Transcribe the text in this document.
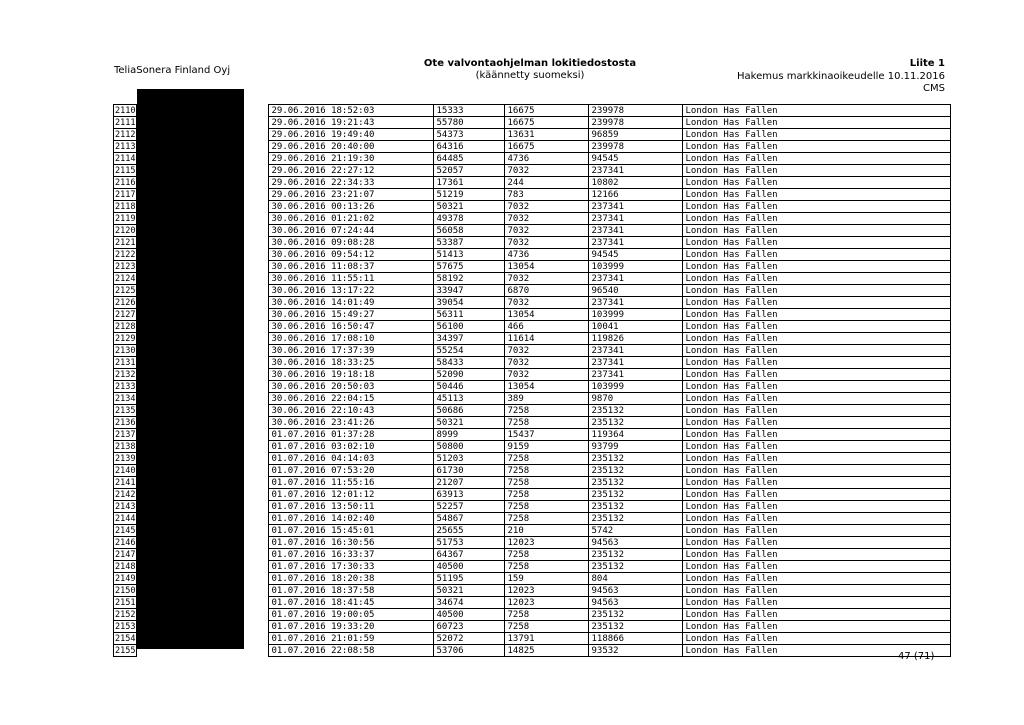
TeliaSonera Finland Oyj
Ote valvontaohjelman lokitiedostosta
(käännetty suomeksi)
Liite 1
Hakemus markkinaoikeudelle 10.11.2016
CMS
2110		29.06.2016 18:52:03	15333	16675	239978	London Has Fallen
2111		29.06.2016 19:21:43	55780	16675	239978	London Has Fallen
2112		29.06.2016 19:49:40	54373	13631	96859	London Has Fallen
2113		29.06.2016 20:40:00	64316	16675	239978	London Has Fallen
2114		29.06.2016 21:19:30	64485	4736	94545	London Has Fallen
2115		29.06.2016 22:27:12	52057	7032	237341	London Has Fallen
2116		29.06.2016 22:34:33	17361	244	10802	London Has Fallen
2117		29.06.2016 23:21:07	51219	783	12166	London Has Fallen
2118		30.06.2016 00:13:26	50321	7032	237341	London Has Fallen
2119		30.06.2016 01:21:02	49378	7032	237341	London Has Fallen
2120		30.06.2016 07:24:44	56058	7032	237341	London Has Fallen
2121		30.06.2016 09:08:28	53387	7032	237341	London Has Fallen
2122		30.06.2016 09:54:12	51413	4736	94545	London Has Fallen
2123		30.06.2016 11:08:37	57675	13054	103999	London Has Fallen
2124		30.06.2016 11:55:11	58192	7032	237341	London Has Fallen
2125		30.06.2016 13:17:22	33947	6870	96540	London Has Fallen
2126		30.06.2016 14:01:49	39054	7032	237341	London Has Fallen
2127		30.06.2016 15:49:27	56311	13054	103999	London Has Fallen
2128		30.06.2016 16:50:47	56100	466	10041	London Has Fallen
2129		30.06.2016 17:08:10	34397	11614	119826	London Has Fallen
2130		30.06.2016 17:37:39	55254	7032	237341	London Has Fallen
2131		30.06.2016 18:33:25	58433	7032	237341	London Has Fallen
2132		30.06.2016 19:18:18	52090	7032	237341	London Has Fallen
2133		30.06.2016 20:50:03	50446	13054	103999	London Has Fallen
2134		30.06.2016 22:04:15	45113	389	9870	London Has Fallen
2135		30.06.2016 22:10:43	50686	7258	235132	London Has Fallen
2136		30.06.2016 23:41:26	50321	7258	235132	London Has Fallen
2137		01.07.2016 01:37:28	8999	15437	119364	London Has Fallen
2138		01.07.2016 03:02:10	50800	9159	93799	London Has Fallen
2139		01.07.2016 04:14:03	51203	7258	235132	London Has Fallen
2140		01.07.2016 07:53:20	61730	7258	235132	London Has Fallen
2141		01.07.2016 11:55:16	21207	7258	235132	London Has Fallen
2142		01.07.2016 12:01:12	63913	7258	235132	London Has Fallen
2143		01.07.2016 13:50:11	52257	7258	235132	London Has Fallen
2144		01.07.2016 14:02:40	54867	7258	235132	London Has Fallen
2145		01.07.2016 15:45:01	25655	210	5742	London Has Fallen
2146		01.07.2016 16:30:56	51753	12023	94563	London Has Fallen
2147		01.07.2016 16:33:37	64367	7258	235132	London Has Fallen
2148		01.07.2016 17:30:33	40500	7258	235132	London Has Fallen
2149		01.07.2016 18:20:38	51195	159	804	London Has Fallen
2150		01.07.2016 18:37:58	50321	12023	94563	London Has Fallen
2151		01.07.2016 18:41:45	34674	12023	94563	London Has Fallen
2152		01.07.2016 19:00:05	40500	7258	235132	London Has Fallen
2153		01.07.2016 19:33:20	60723	7258	235132	London Has Fallen
2154		01.07.2016 21:01:59	52072	13791	118866	London Has Fallen
2155		01.07.2016 22:08:58	53706	14825	93532	London Has Fallen
47 (71)
